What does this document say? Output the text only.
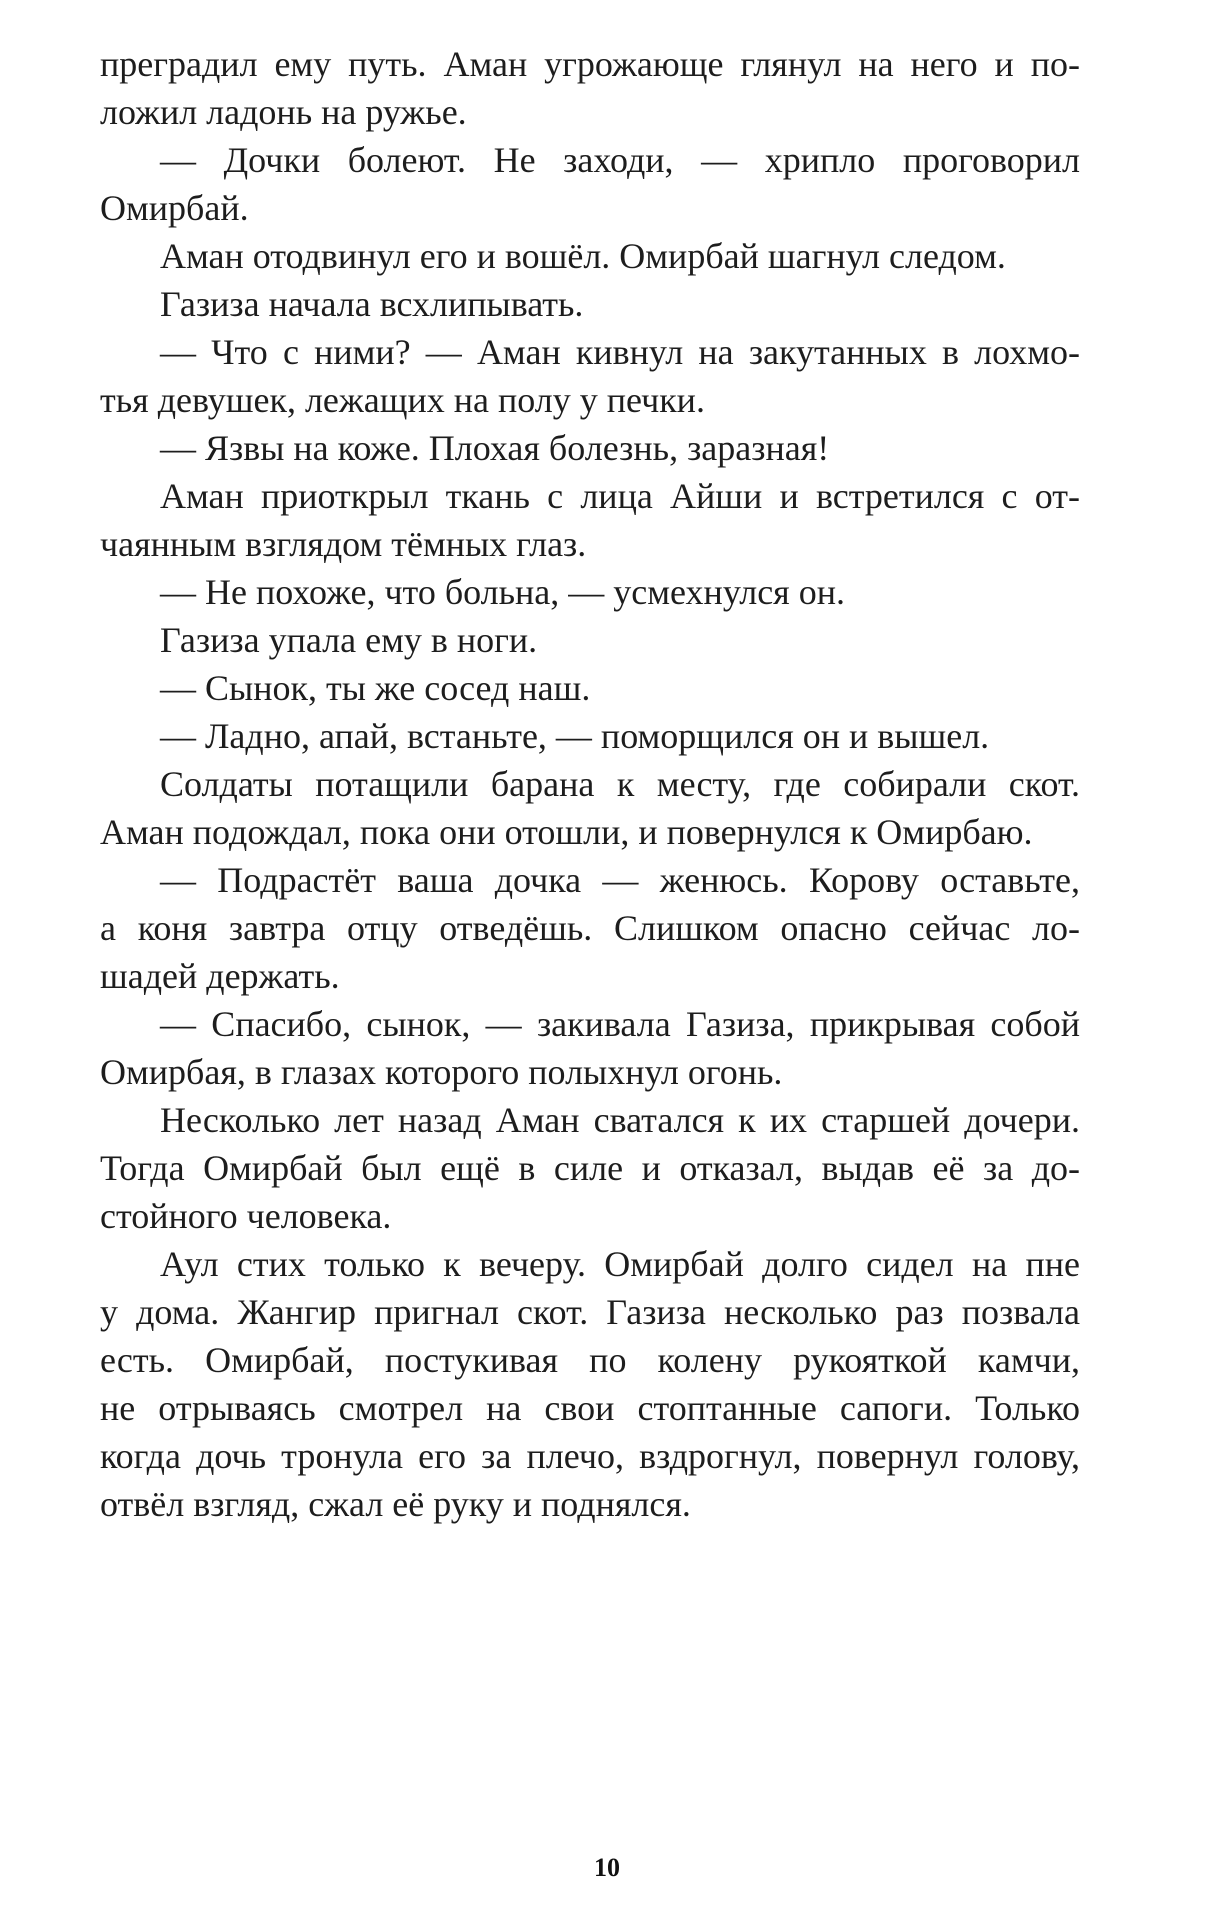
преградил ему путь. Аман угрожающе глянул на него и по-
ложил ладонь на ружье.
— Дочки болеют. Не заходи, — хрипло проговорил
Омирбай.
Аман отодвинул его и вошёл. Омирбай шагнул следом.
Газиза начала всхлипывать.
— Что с ними? — Аман кивнул на закутанных в лохмо-
тья девушек, лежащих на полу у печки.
— Язвы на коже. Плохая болезнь, заразная!
Аман приоткрыл ткань с лица Айши и встретился с от-
чаянным взглядом тёмных глаз.
— Не похоже, что больна, — усмехнулся он.
Газиза упала ему в ноги.
— Сынок, ты же сосед наш.
— Ладно, апай, встаньте, — поморщился он и вышел.
Солдаты потащили барана к месту, где собирали скот.
Аман подождал, пока они отошли, и повернулся к Омирбаю.
— Подрастёт ваша дочка — женюсь. Корову оставьте,
а коня завтра отцу отведёшь. Слишком опасно сейчас ло-
шадей держать.
— Спасибо, сынок, — закивала Газиза, прикрывая собой
Омирбая, в глазах которого полыхнул огонь.
Несколько лет назад Аман сватался к их старшей дочери.
Тогда Омирбай был ещё в силе и отказал, выдав её за до-
стойного человека.
Аул стих только к вечеру. Омирбай долго сидел на пне
у дома. Жангир пригнал скот. Газиза несколько раз позвала
есть. Омирбай, постукивая по колену рукояткой камчи,
не отрываясь смотрел на свои стоптанные сапоги. Только
когда дочь тронула его за плечо, вздрогнул, повернул голову,
отвёл взгляд, сжал её руку и поднялся.
10
